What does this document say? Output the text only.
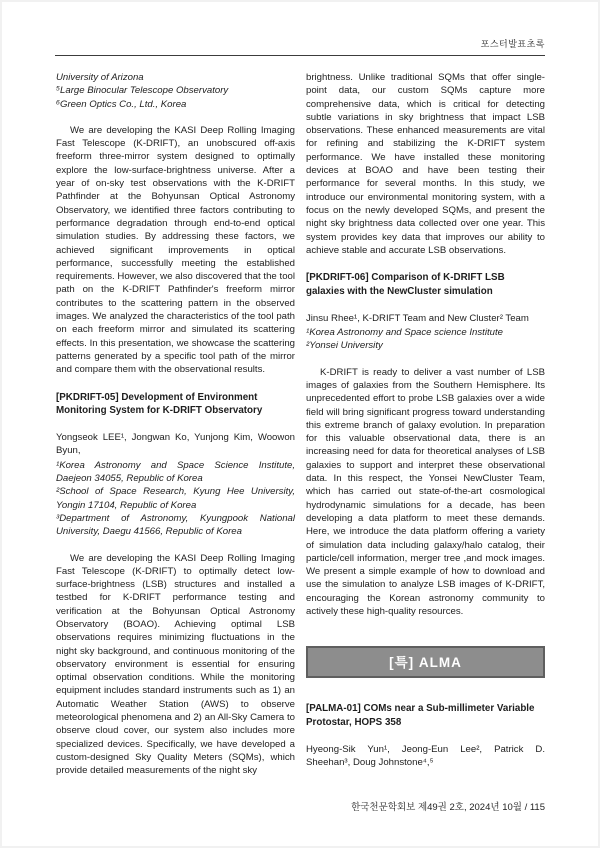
포스터발표초록
University of Arizona
⁵Large Binocular Telescope Observatory
⁶Green Optics Co., Ltd., Korea

We are developing the KASI Deep Rolling Imaging Fast Telescope (K-DRIFT), an unobscured off-axis freeform three-mirror system designed to optimally explore the low-surface-brightness universe. After a year of on-sky test observations with the K-DRIFT Pathfinder at the Bohyunsan Optical Astronomy Observatory, we identified three factors contributing to performance degradation through end-to-end optical simulation studies. By addressing these factors, we achieved significant improvements in optical performance, successfully meeting the established requirements. However, we also discovered that the tool path on the K-DRIFT Pathfinder's freeform mirror contributes to the scattering pattern in the observed images. We analyzed the characteristics of the tool path on each freeform mirror and simulated its scattering effects. In this presentation, we showcase the scattering patterns generated by a specific tool path of the mirror and compare them with the observational results.

[PKDRIFT-05] Development of Environment Monitoring System for K-DRIFT Observatory
Yongseok LEE¹, Jongwan Ko, Yunjong Kim, Woowon Byun,
¹Korea Astronomy and Space Science Institute, Daejeon 34055, Republic of Korea
²School of Space Research, Kyung Hee University, Yongin 17104, Republic of Korea
³Department of Astronomy, Kyungpook National University, Daegu 41566, Republic of Korea

We are developing the KASI Deep Rolling Imaging Fast Telescope (K-DRIFT) to optimally detect low-surface-brightness (LSB) structures and installed a testbed for K-DRIFT performance testing and verification at the Bohyunsan Optical Astronomy Observatory (BOAO). Achieving optimal LSB observations requires minimizing fluctuations in the night sky background, and continuous monitoring of the observatory environment is essential for ensuring optimal observation conditions. While the monitoring equipment includes standard instruments such as 1) an Automatic Weather Station (AWS) to observe meteorological phenomena and 2) an All-Sky Camera to observe cloud cover, our system also includes more specialized devices. Specifically, we have developed a custom-designed Sky Quality Meters (SQMs), which provide detailed measurements of the night sky

brightness. Unlike traditional SQMs that offer single-point data, our custom SQMs capture more comprehensive data, which is critical for detecting subtle variations in sky brightness that impact LSB observations. These enhanced measurements are vital for refining and stabilizing the K-DRIFT system performance. We have installed these monitoring devices at BOAO and have been testing their performance for several months. In this study, we introduce our environmental monitoring system, with a focus on the newly developed SQMs, and present the night sky brightness data collected over one year. This system provides key data that improves our ability to achieve stable and accurate LSB observations.

[PKDRIFT-06] Comparison of K-DRIFT LSB galaxies with the NewCluster simulation
Jinsu Rhee¹, K-DRIFT Team and New Cluster² Team
¹Korea Astronomy and Space science Institute
²Yonsei University

K-DRIFT is ready to deliver a vast number of LSB images of galaxies from the Southern Hemisphere. Its unprecedented effort to probe LSB galaxies over a wide field will bring significant progress toward understanding this extreme branch of galaxy evolution. In preparation for this valuable observational data, there is an increasing need for data for theoretical analyses of LSB galaxies to support and interpret these observational data. In this respect, the Yonsei NewCluster Team, which has carried out state-of-the-art cosmological hydrodynamic simulations for a decade, has been developing a data platform to meet these demands. Here, we introduce the data platform offering a variety of simulation data including galaxy/halo catalog, their particle/cell information, merger tree ,and mock images. We present a simple example of how to download and use the simulation to analyze LSB images of K-DRIFT, encouraging the Korean astronomy community to actively these high-quality resources.

[특] ALMA
[PALMA-01] COMs near a Sub-millimeter Variable Protostar, HOPS 358
Hyeong-Sik Yun¹, Jeong-Eun Lee², Patrick D. Sheehan³, Doug Johnstone⁴,⁵
한국천문학회보 제49권 2호, 2024년 10월 / 115
